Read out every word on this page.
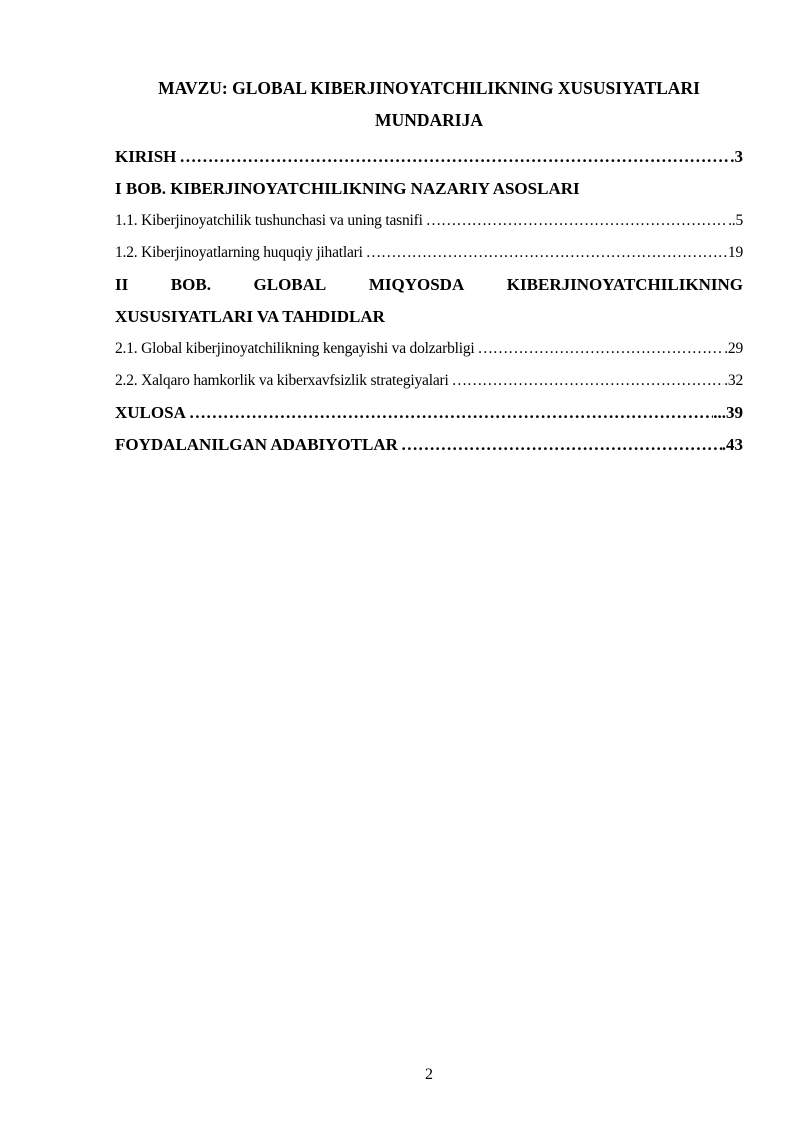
MAVZU: GLOBAL KIBERJINOYATCHILIKNING XUSUSIYATLARI
MUNDARIJA
KIRISH ……………………………………………………………………………………………………………………………………………………………………………………	.3
I BOB. KIBERJINOYATCHILIKNING NAZARIY ASOSLARI
1.1. Kiberjinoyatchilik tushunchasi va uning tasnifi ……………………………………………………………………………………………………………………………………………………………………………………	..5
1.2. Kiberjinoyatlarning huquqiy jihatlari ……………………………………………………………………………………………………………………………………………………………………………………	19
II	BOB.	GLOBAL	MIQYOSDA	KIBERJINOYATCHILIKNING
XUSUSIYATLARI VA TAHDIDLAR
2.1. Global kiberjinoyatchilikning kengayishi va dolzarbligi ……………………………………………………………………………………………………………………………………………………………………………………	.29
2.2. Xalqaro hamkorlik va kiberxavfsizlik strategiyalari ……………………………………………………………………………………………………………………………………………………………………………………	.32
XULOSA ……………………………………………………………………………………………………………………………………………………………………………………	...39
FOYDALANILGAN ADABIYOTLAR ……………………………………………………………………………………………………………………………………………………………………………………	.43
2
